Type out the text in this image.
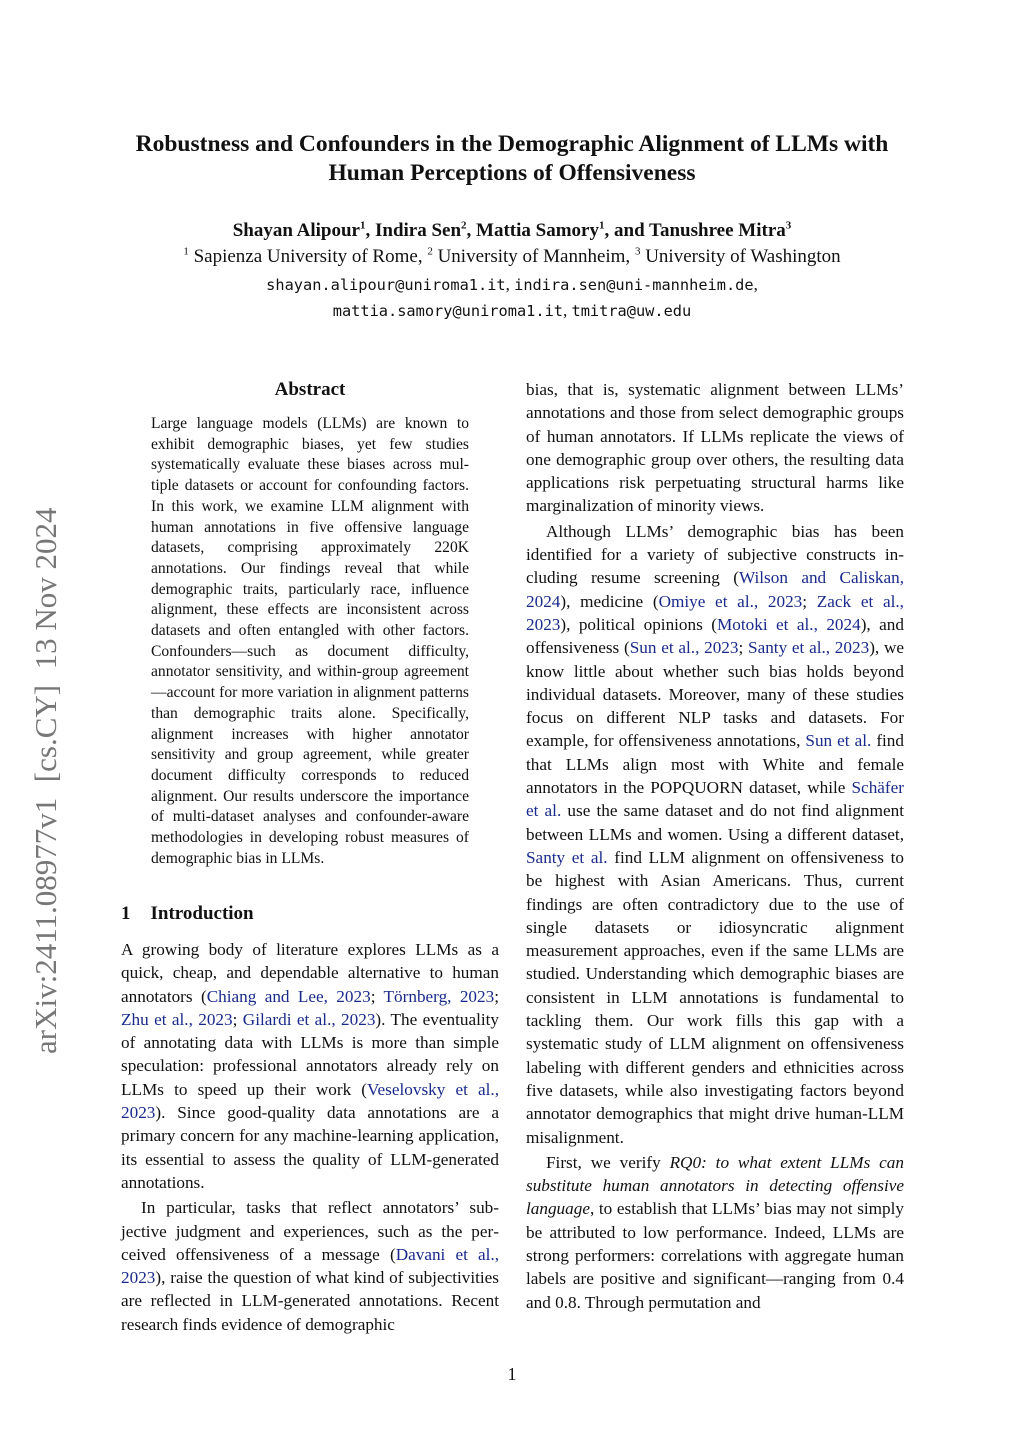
arXiv:2411.08977v1  [cs.CY]  13 Nov 2024
Robustness and Confounders in the Demographic Alignment of LLMs with
Human Perceptions of Offensiveness
Shayan Alipour$^1$, Indira Sen$^2$, Mattia Samory$^1$, and Tanushree Mitra$^3$
$^1$ Sapienza University of Rome, $^2$ University of Mannheim, $^3$ University of Washington
shayan.alipour@uniroma1.it, indira.sen@uni-mannheim.de,
mattia.samory@uniroma1.it, tmitra@uw.edu
Abstract
Large language models (LLMs) are known to exhibit demographic biases, yet few studies systematically evaluate these biases across multiple datasets or account for confounding factors. In this work, we examine LLM alignment with human annotations in five offensive language datasets, comprising approximately 220K annotations. Our findings reveal that while demographic traits, particularly race, influence alignment, these effects are inconsistent across datasets and often entangled with other factors. Confounders—such as document difficulty, annotator sensitivity, and within-group agreement—account for more variation in alignment patterns than demographic traits alone. Specifically, alignment increases with higher annotator sensitivity and group agreement, while greater document difficulty corresponds to reduced alignment. Our results underscore the importance of multi-dataset analyses and confounder-aware methodologies in developing robust measures of demographic bias in LLMs.
1 Introduction

A growing body of literature explores LLMs as a quick, cheap, and dependable alternative to human annotators (Chiang and Lee, 2023; Törnberg, 2023; Zhu et al., 2023; Gilardi et al., 2023). The eventuality of annotating data with LLMs is more than simple speculation: professional annotators already rely on LLMs to speed up their work (Veselovsky et al., 2023). Since good-quality data annotations are a primary concern for any machine-learning application, its essential to assess the quality of LLM-generated annotations.

In particular, tasks that reflect annotators’ subjective judgment and experiences, such as the perceived offensiveness of a message (Davani et al., 2023), raise the question of what kind of subjectivities are reflected in LLM-generated annotations. Recent research finds evidence of demographic

bias, that is, systematic alignment between LLMs’ annotations and those from select demographic groups of human annotators. If LLMs replicate the views of one demographic group over others, the resulting data applications risk perpetuating structural harms like marginalization of minority views.

Although LLMs’ demographic bias has been identified for a variety of subjective constructs including resume screening (Wilson and Caliskan, 2024), medicine (Omiye et al., 2023; Zack et al., 2023), political opinions (Motoki et al., 2024), and offensiveness (Sun et al., 2023; Santy et al., 2023), we know little about whether such bias holds beyond individual datasets. Moreover, many of these studies focus on different NLP tasks and datasets. For example, for offensiveness annotations, Sun et al. find that LLMs align most with White and female annotators in the POPQUORN dataset, while Schäfer et al. use the same dataset and do not find alignment between LLMs and women. Using a different dataset, Santy et al. find LLM alignment on offensiveness to be highest with Asian Americans. Thus, current findings are often contradictory due to the use of single datasets or idiosyncratic alignment measurement approaches, even if the same LLMs are studied. Understanding which demographic biases are consistent in LLM annotations is fundamental to tackling them. Our work fills this gap with a systematic study of LLM alignment on offensiveness labeling with different genders and ethnicities across five datasets, while also investigating factors beyond annotator demographics that might drive human-LLM misalignment.

First, we verify RQ0: to what extent LLMs can substitute human annotators in detecting offensive language, to establish that LLMs’ bias may not simply be attributed to low performance. Indeed, LLMs are strong performers: correlations with aggregate human labels are positive and significant—ranging from 0.4 and 0.8. Through permutation and

1
